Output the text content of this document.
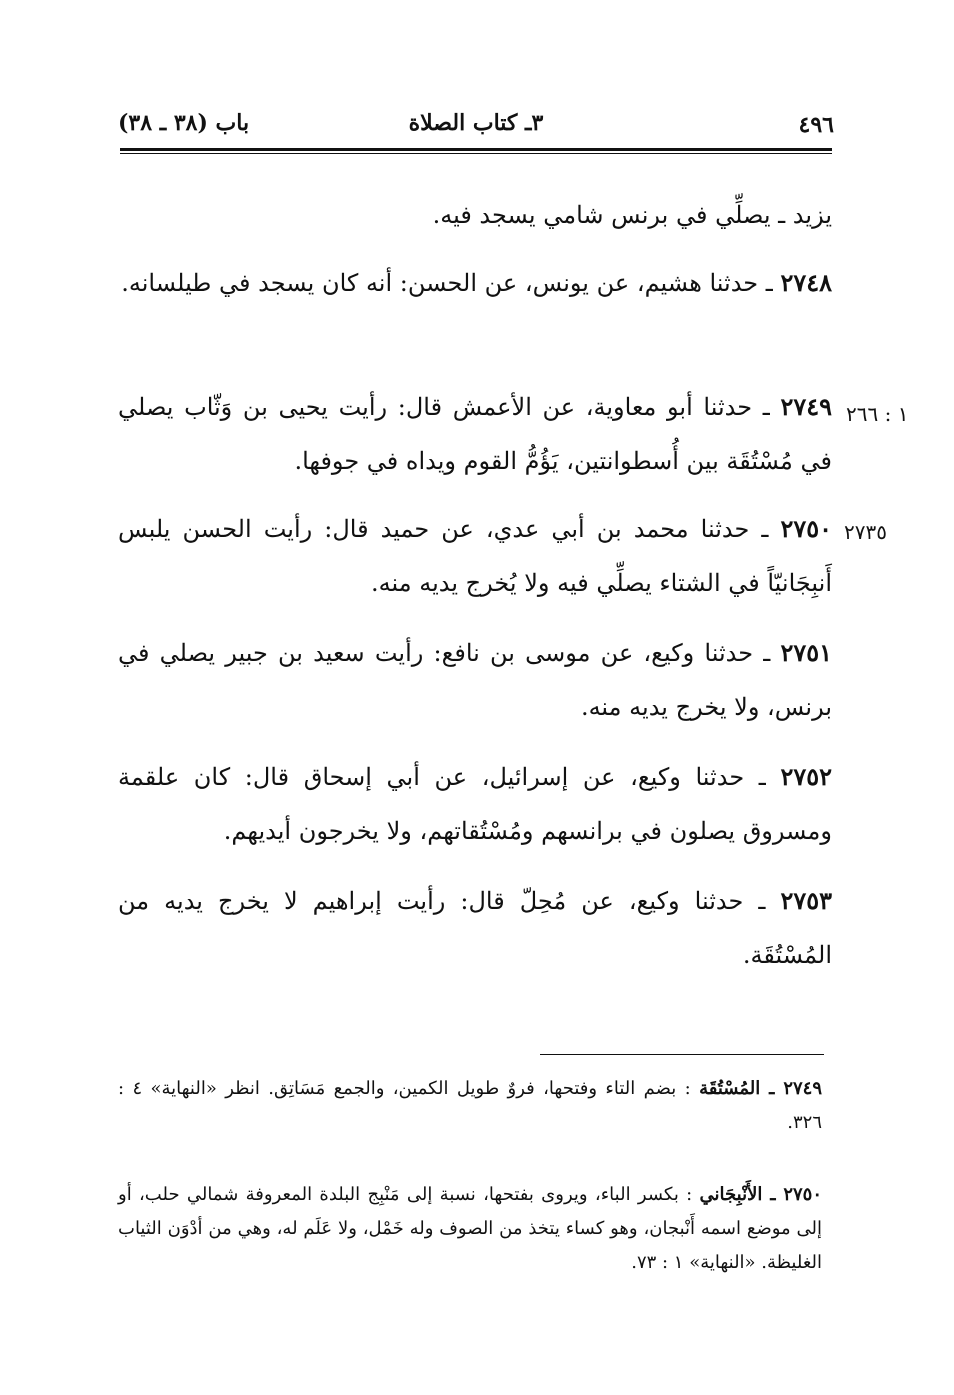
٤٩٦
٣ـ كتاب الصلاة
باب (٣٨ ـ ٣٨)
يزيد ـ يصلِّي في برنس شامي يسجد فيه.
٢٧٤٨ ـ حدثنا هشيم، عن يونس، عن الحسن: أنه كان يسجد في طيلسانه.
١ : ٢٦٦
٢٧٤٩ ـ حدثنا أبو معاوية، عن الأعمش قال: رأيت يحيى بن وَثّاب يصلي في مُسْتُقَة بين أُسطوانتين، يَؤُمُّ القوم ويداه في جوفها.
٢٧٣٥
٢٧٥٠ ـ حدثنا محمد بن أبي عدي، عن حميد قال: رأيت الحسن يلبس أَنبِجَانيّاً في الشتاء يصلِّي فيه ولا يُخرج يديه منه.
٢٧٥١ ـ حدثنا وكيع، عن موسى بن نافع: رأيت سعيد بن جبير يصلي في برنس، ولا يخرج يديه منه.
٢٧٥٢ ـ حدثنا وكيع، عن إسرائيل، عن أبي إسحاق قال: كان علقمة ومسروق يصلون في برانسهم ومُسْتُقاتهم، ولا يخرجون أيديهم.
٢٧٥٣ ـ حدثنا وكيع، عن مُحِلّ قال: رأيت إبراهيم لا يخرج يديه من المُسْتُقَة.
٢٧٤٩ ـ المُسْتُقَة : بضم التاء وفتحها، فروٌ طويل الكمين، والجمع مَسَاتِق. انظر «النهاية» ٤ : ٣٢٦.
٢٧٥٠ ـ الأَنْبِجَاني : بكسر الباء، ويروى بفتحها، نسبة إلى مَنْبِج البلدة المعروفة شمالي حلب، أو إلى موضع اسمه أَنْبجان، وهو كساء يتخذ من الصوف وله خَمْل، ولا عَلَم له، وهي من أدْوَن الثياب الغليظة. «النهاية» ١ : ٧٣.
